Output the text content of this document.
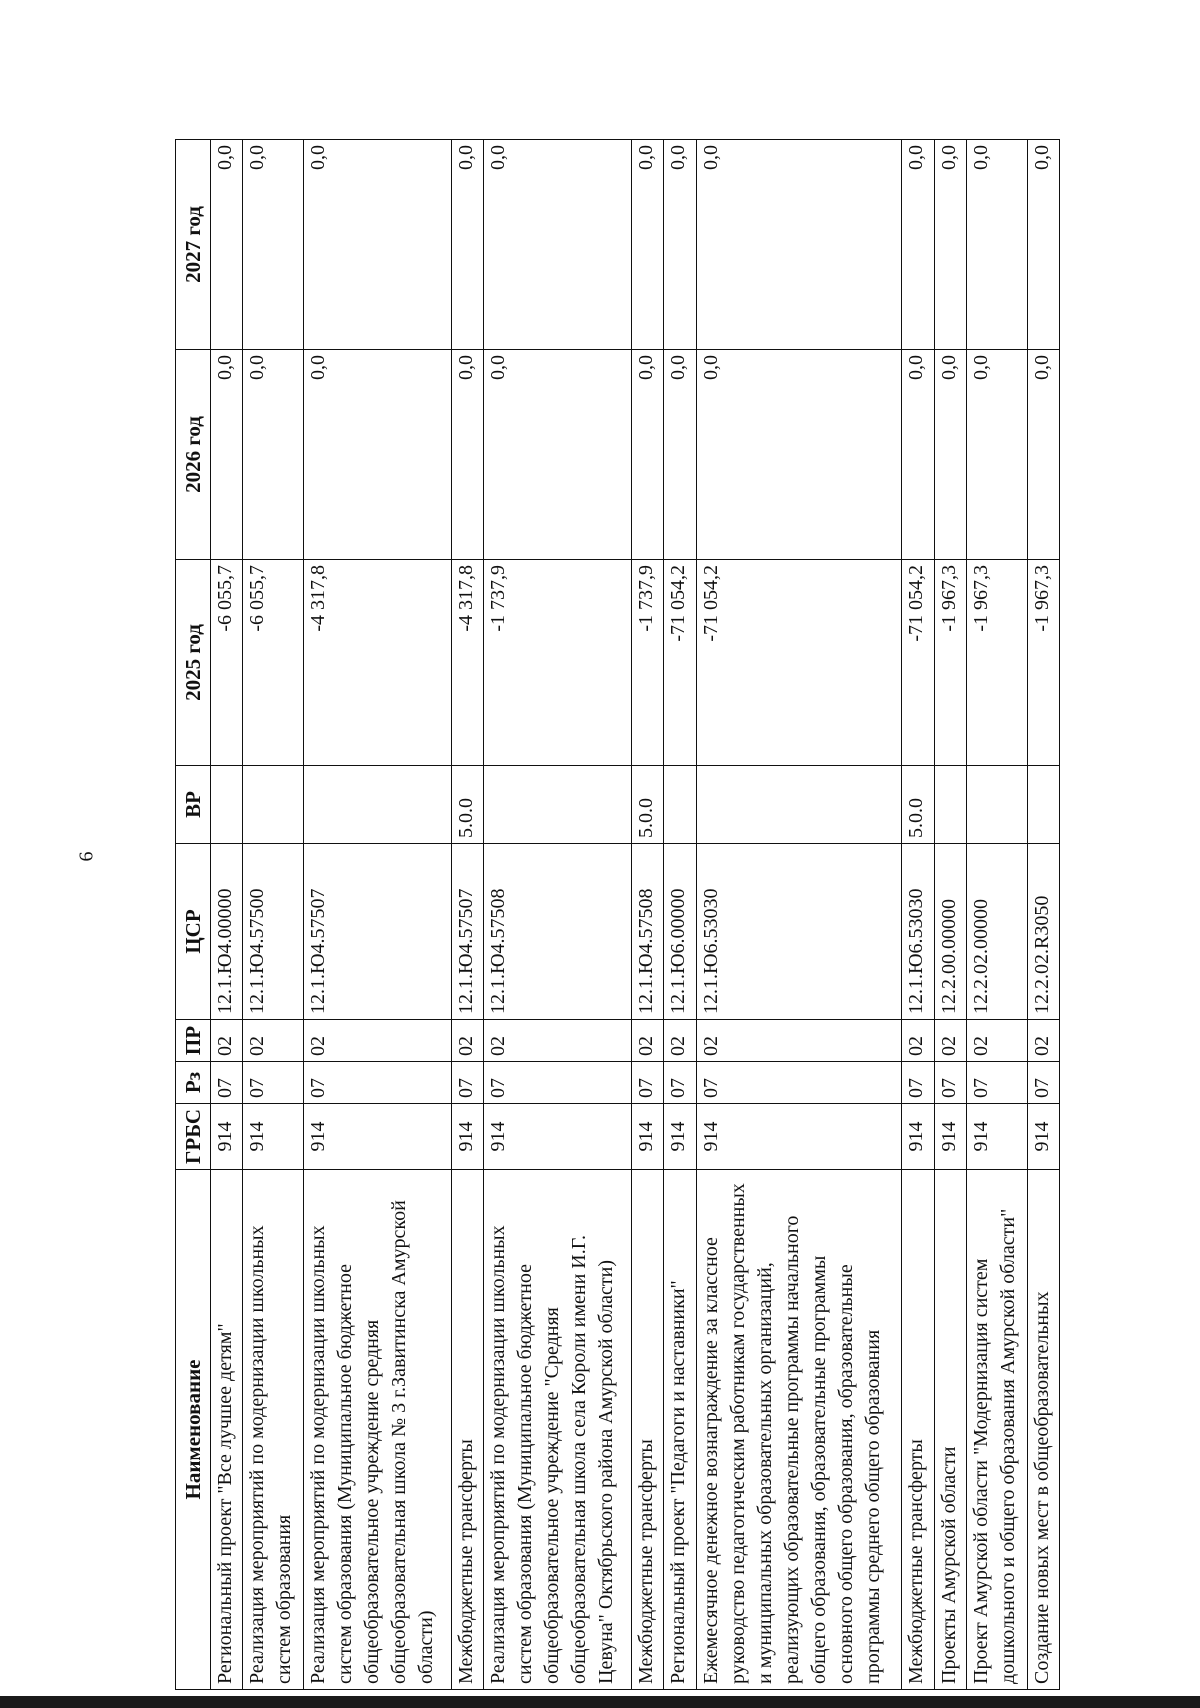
6
Наименование	ГРБС	Рз	ПР	ЦСР	ВР	2025 год	2026 год	2027 год
Региональный проект "Все лучшее детям"	914	07	02	12.1.Ю4.00000		-6 055,7	0,0	0,0
Реализация мероприятий по модернизации школьных систем образования	914	07	02	12.1.Ю4.57500		-6 055,7	0,0	0,0
Реализация мероприятий по модернизации школьных систем образования (Муниципальное бюджетное общеобразовательное учреждение средняя общеобразовательная школа № 3 г.Завитинска Амурской области)	914	07	02	12.1.Ю4.57507		-4 317,8	0,0	0,0
Межбюджетные трансферты	914	07	02	12.1.Ю4.57507	5.0.0	-4 317,8	0,0	0,0
Реализация мероприятий по модернизации школьных систем образования (Муниципальное бюджетное общеобразовательное учреждение "Средняя общеобразовательная школа села Короли имени И.Г. Цевуна" Октябрьского района Амурской области)	914	07	02	12.1.Ю4.57508		-1 737,9	0,0	0,0
Межбюджетные трансферты	914	07	02	12.1.Ю4.57508	5.0.0	-1 737,9	0,0	0,0
Региональный проект "Педагоги и наставники"	914	07	02	12.1.Ю6.00000		-71 054,2	0,0	0,0
Ежемесячное денежное вознаграждение за классное руководство педагогическим работникам государственных и муниципальных образовательных организаций, реализующих образовательные программы начального общего образования, образовательные программы основного общего образования, образовательные программы среднего общего образования	914	07	02	12.1.Ю6.53030		-71 054,2	0,0	0,0
Межбюджетные трансферты	914	07	02	12.1.Ю6.53030	5.0.0	-71 054,2	0,0	0,0
Проекты Амурской области	914	07	02	12.2.00.00000		-1 967,3	0,0	0,0
Проект Амурской области "Модернизация систем дошкольного и общего образования Амурской области"	914	07	02	12.2.02.00000		-1 967,3	0,0	0,0
Создание новых мест в общеобразовательных	914	07	02	12.2.02.R3050		-1 967,3	0,0	0,0
